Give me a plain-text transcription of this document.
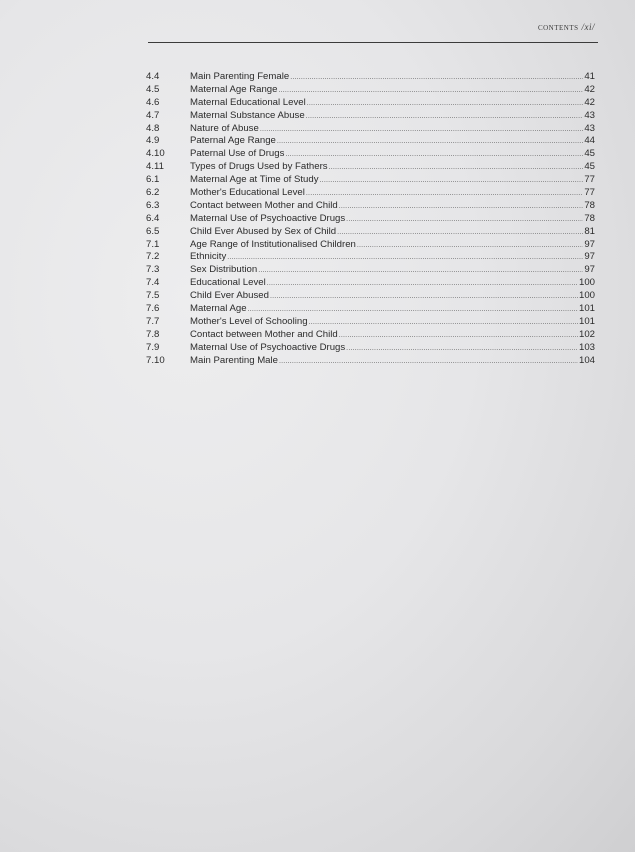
CONTENTS /xi/
4.4	Main Parenting Female .....	41
4.5	Maternal Age Range .....	42
4.6	Maternal Educational Level .....	42
4.7	Maternal Substance Abuse .....	43
4.8	Nature of Abuse .....	43
4.9	Paternal Age Range .....	44
4.10	Paternal Use of Drugs .....	45
4.11	Types of Drugs Used by Fathers .....	45
6.1	Maternal Age at Time of Study .....	77
6.2	Mother's Educational Level .....	77
6.3	Contact between Mother and Child .....	78
6.4	Maternal Use of Psychoactive Drugs .....	78
6.5	Child Ever Abused by Sex of Child .....	81
7.1	Age Range of Institutionalised Children .....	97
7.2	Ethnicity .....	97
7.3	Sex Distribution .....	97
7.4	Educational Level .....	100
7.5	Child Ever Abused .....	100
7.6	Maternal Age .....	101
7.7	Mother's Level of Schooling .....	101
7.8	Contact between Mother and Child .....	102
7.9	Maternal Use of Psychoactive Drugs .....	103
7.10	Main Parenting Male .....	104
